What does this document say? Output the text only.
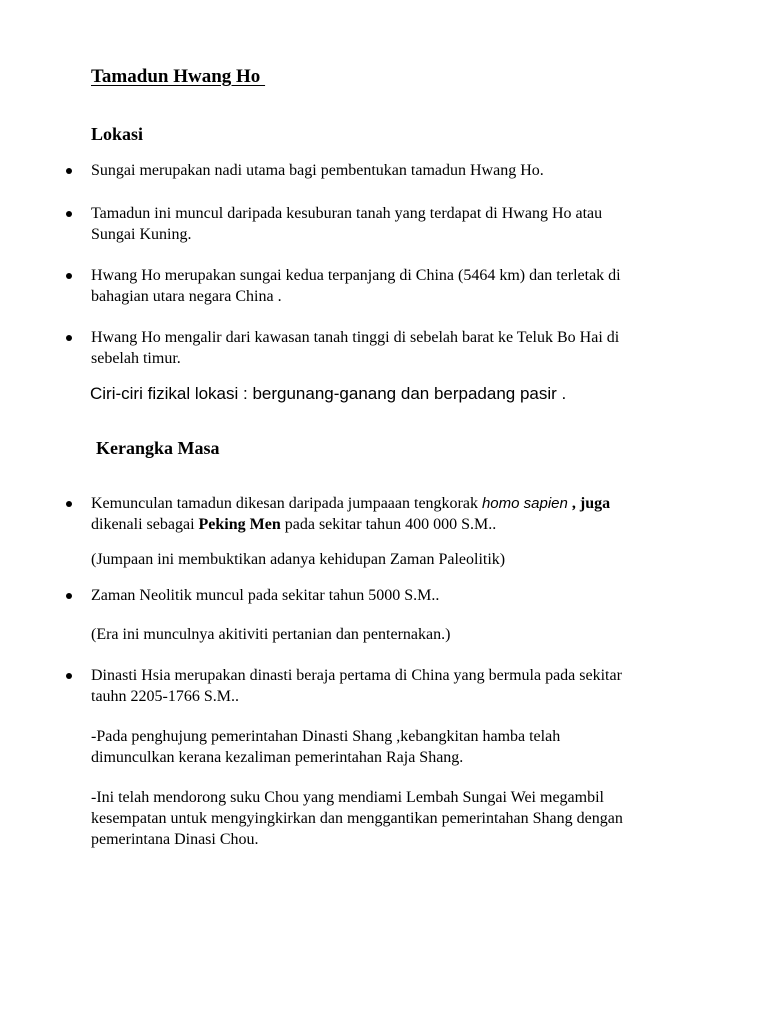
Tamadun Hwang Ho
Lokasi
Sungai merupakan nadi utama bagi pembentukan tamadun Hwang Ho.
Tamadun ini muncul daripada kesuburan tanah yang terdapat di Hwang Ho atau
Sungai Kuning.
Hwang Ho merupakan sungai kedua terpanjang di China (5464 km) dan terletak di
bahagian utara negara China .
Hwang Ho mengalir dari kawasan tanah tinggi di sebelah barat ke Teluk Bo Hai di
sebelah timur.
Ciri-ciri fizikal lokasi : bergunang-ganang dan berpadang pasir .
Kerangka Masa
Kemunculan tamadun dikesan daripada jumpaaan tengkorak homo sapien , juga
dikenali sebagai Peking Men pada sekitar tahun 400 000 S.M..
(Jumpaan ini membuktikan adanya kehidupan Zaman Paleolitik)
Zaman Neolitik muncul pada sekitar tahun 5000 S.M..
(Era ini munculnya akitiviti pertanian dan penternakan.)
Dinasti Hsia merupakan dinasti beraja pertama di China yang bermula pada sekitar
tauhn 2205-1766 S.M..
-Pada penghujung pemerintahan Dinasti Shang ,kebangkitan hamba telah
dimunculkan kerana kezaliman pemerintahan Raja Shang.
-Ini telah mendorong suku Chou yang mendiami Lembah Sungai Wei megambil
kesempatan untuk mengyingkirkan dan menggantikan pemerintahan Shang dengan
pemerintana Dinasi Chou.
